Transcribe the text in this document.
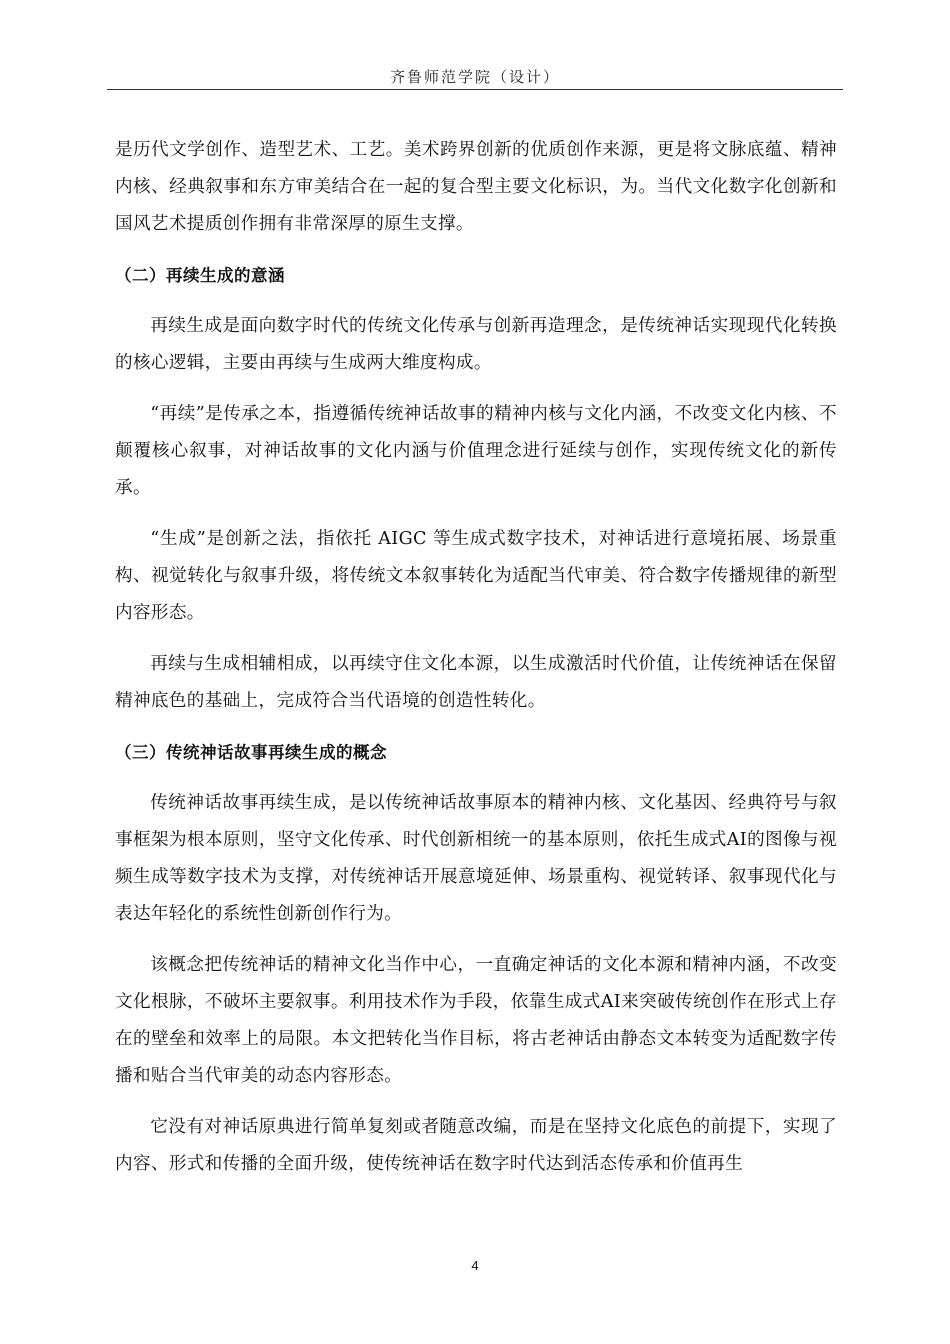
齐鲁师范学院（设计）

是历代文学创作、造型艺术、工艺。美术跨界创新的优质创作来源，更是将文脉底蕴、精神内核、经典叙事和东方审美结合在一起的复合型主要文化标识，为。当代文化数字化创新和国风艺术提质创作拥有非常深厚的原生支撑。

（二）再续生成的意涵

再续生成是面向数字时代的传统文化传承与创新再造理念，是传统神话实现现代化转换的核心逻辑，主要由再续与生成两大维度构成。

“再续”是传承之本，指遵循传统神话故事的精神内核与文化内涵，不改变文化内核、不颠覆核心叙事，对神话故事的文化内涵与价值理念进行延续与创作，实现传统文化的新传承。

“生成”是创新之法，指依托 AIGC 等生成式数字技术，对神话进行意境拓展、场景重构、视觉转化与叙事升级，将传统文本叙事转化为适配当代审美、符合数字传播规律的新型内容形态。

再续与生成相辅相成，以再续守住文化本源，以生成激活时代价值，让传统神话在保留精神底色的基础上，完成符合当代语境的创造性转化。

（三）传统神话故事再续生成的概念

传统神话故事再续生成，是以传统神话故事原本的精神内核、文化基因、经典符号与叙事框架为根本原则，坚守文化传承、时代创新相统一的基本原则，依托生成式AI的图像与视频生成等数字技术为支撑，对传统神话开展意境延伸、场景重构、视觉转译、叙事现代化与表达年轻化的系统性创新创作行为。

该概念把传统神话的精神文化当作中心，一直确定神话的文化本源和精神内涵，不改变文化根脉，不破坏主要叙事。利用技术作为手段，依靠生成式AI来突破传统创作在形式上存在的壁垒和效率上的局限。本文把转化当作目标，将古老神话由静态文本转变为适配数字传播和贴合当代审美的动态内容形态。

它没有对神话原典进行简单复刻或者随意改编，而是在坚持文化底色的前提下，实现了内容、形式和传播的全面升级，使传统神话在数字时代达到活态传承和价值再生

4
